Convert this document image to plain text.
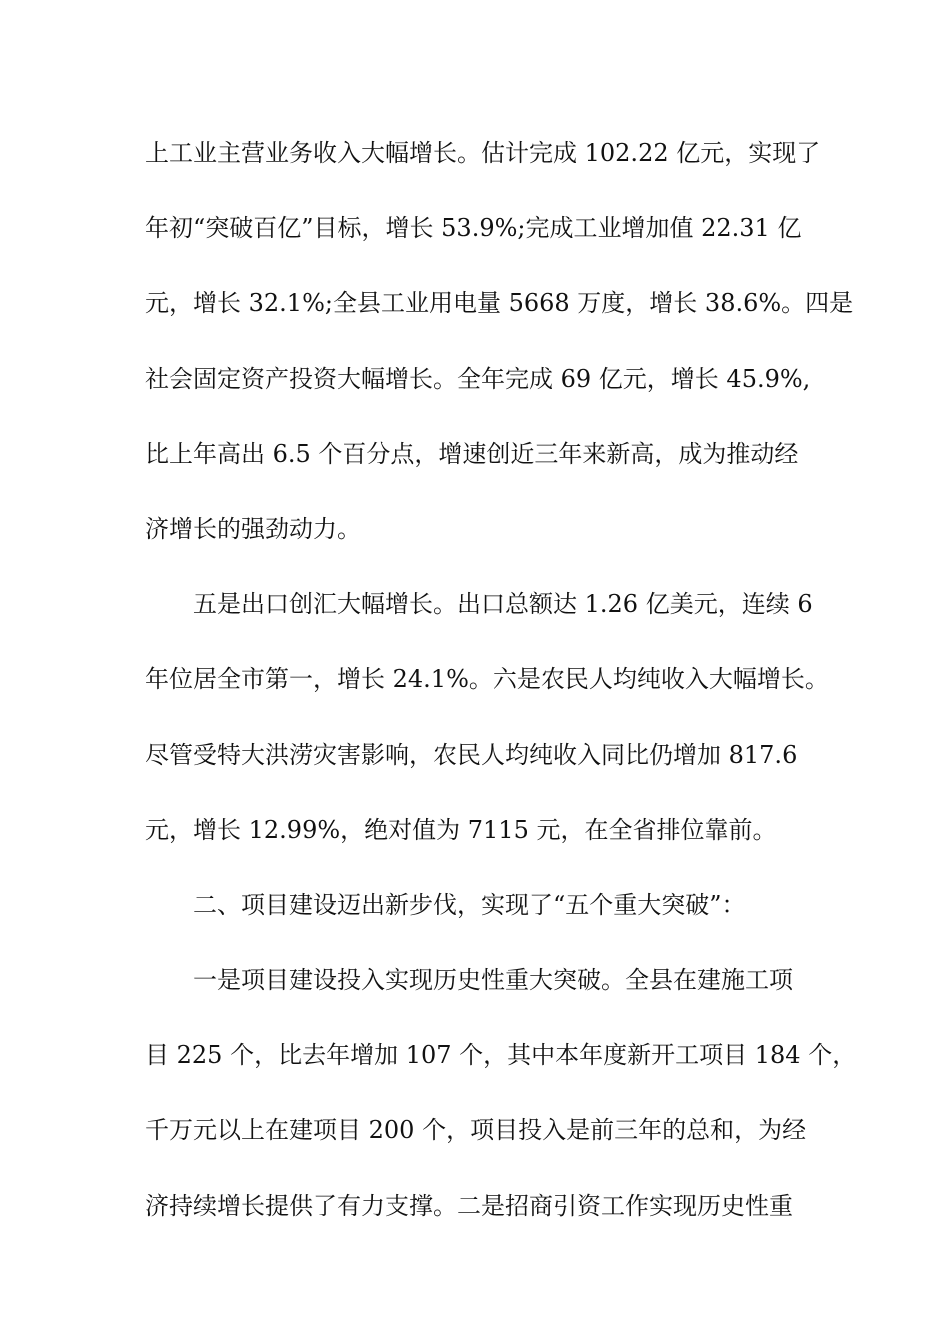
上工业主营业务收入大幅增长。估计完成 102.22 亿元，实现了
年初“突破百亿”目标，增长 53.9%;完成工业增加值 22.31 亿
元，增长 32.1%;全县工业用电量 5668 万度，增长 38.6%。四是
社会固定资产投资大幅增长。全年完成 69 亿元，增长 45.9%,
比上年高出 6.5 个百分点，增速创近三年来新高，成为推动经
济增长的强劲动力。
五是出口创汇大幅增长。出口总额达 1.26 亿美元，连续 6
年位居全市第一，增长 24.1%。六是农民人均纯收入大幅增长。
尽管受特大洪涝灾害影响，农民人均纯收入同比仍增加 817.6
元，增长 12.99%，绝对值为 7115 元，在全省排位靠前。
二、项目建设迈出新步伐，实现了“五个重大突破”：
一是项目建设投入实现历史性重大突破。全县在建施工项
目 225 个，比去年增加 107 个，其中本年度新开工项目 184 个，
千万元以上在建项目 200 个，项目投入是前三年的总和，为经
济持续增长提供了有力支撑。二是招商引资工作实现历史性重
